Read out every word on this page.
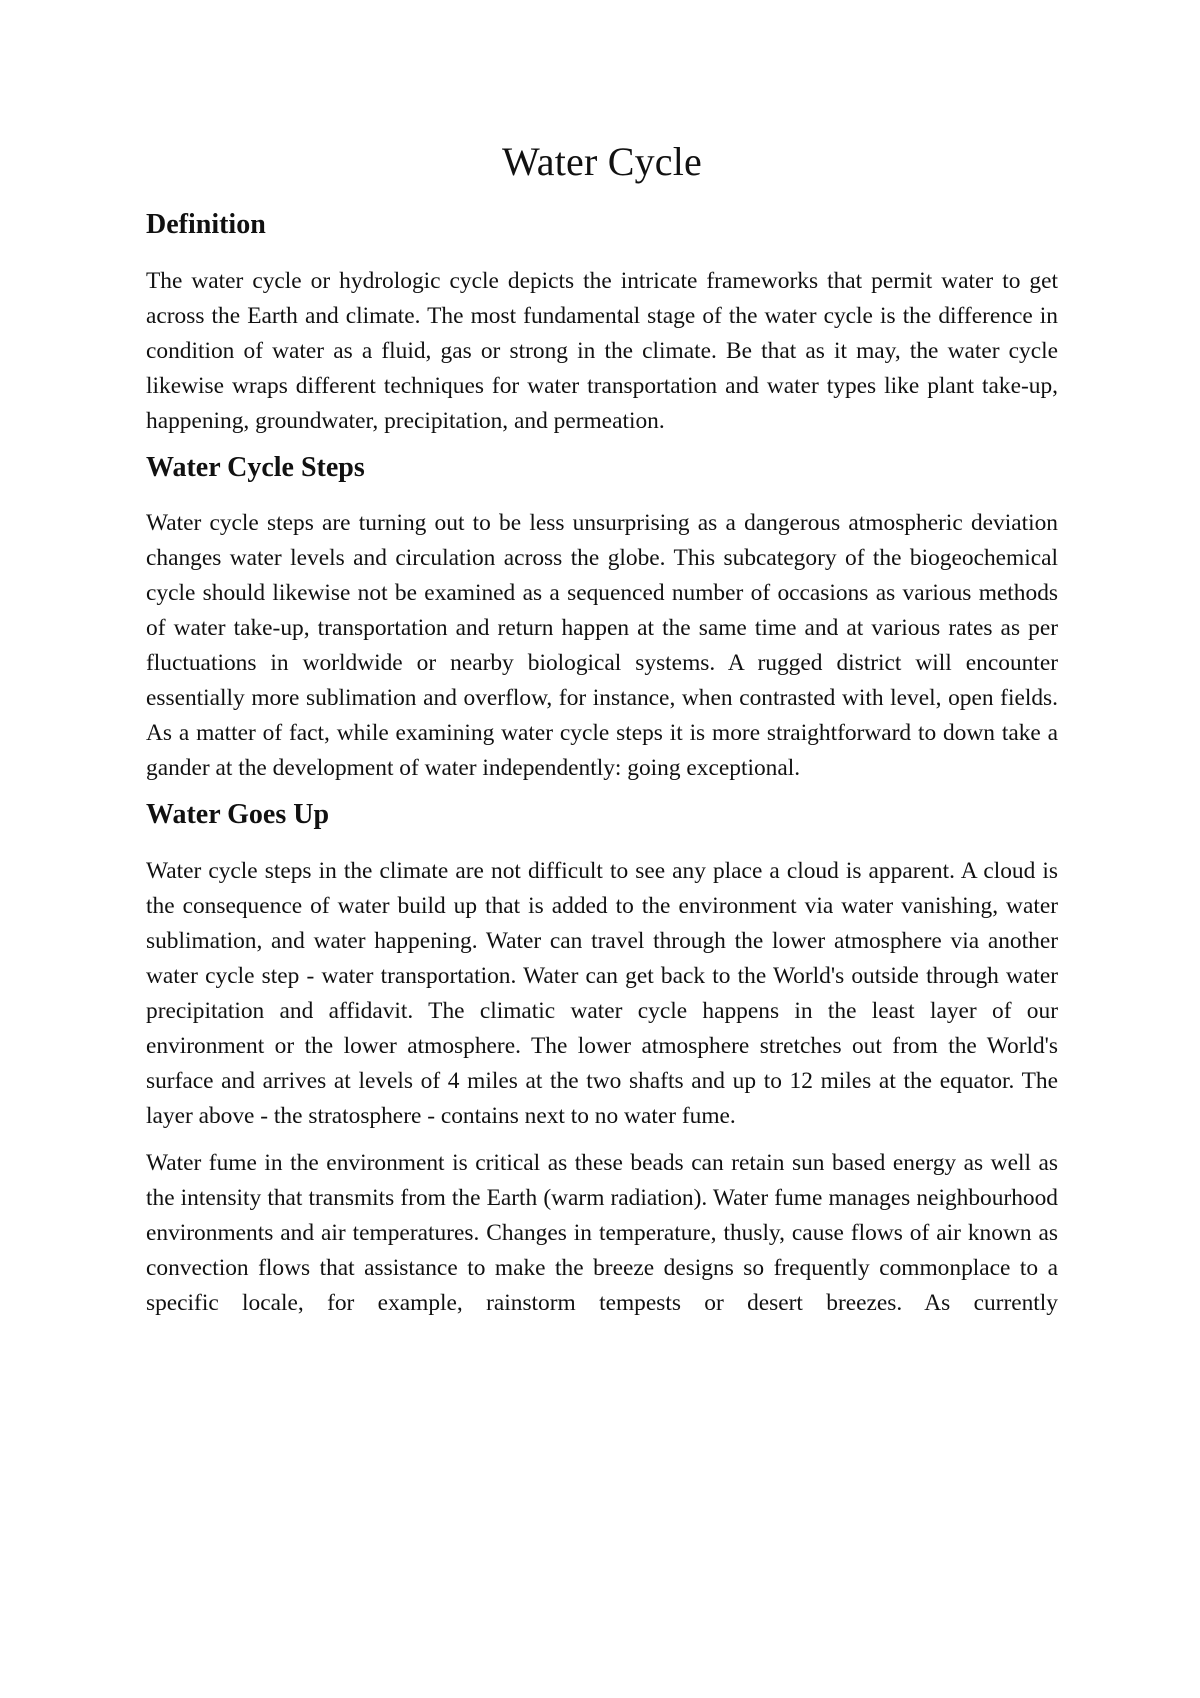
Water Cycle
Definition

The water cycle or hydrologic cycle depicts the intricate frameworks that permit water to get across the Earth and climate. The most fundamental stage of the water cycle is the difference in condition of water as a fluid, gas or strong in the climate. Be that as it may, the water cycle likewise wraps different techniques for water transportation and water types like plant take-up, happening, groundwater, precipitation, and permeation.

Water Cycle Steps

Water cycle steps are turning out to be less unsurprising as a dangerous atmospheric deviation changes water levels and circulation across the globe. This subcategory of the biogeochemical cycle should likewise not be examined as a sequenced number of occasions as various methods of water take-up, transportation and return happen at the same time and at various rates as per fluctuations in worldwide or nearby biological systems. A rugged district will encounter essentially more sublimation and overflow, for instance, when contrasted with level, open fields. As a matter of fact, while examining water cycle steps it is more straightforward to down take a gander at the development of water independently: going exceptional.

Water Goes Up

Water cycle steps in the climate are not difficult to see any place a cloud is apparent. A cloud is the consequence of water build up that is added to the environment via water vanishing, water sublimation, and water happening. Water can travel through the lower atmosphere via another water cycle step - water transportation. Water can get back to the World's outside through water precipitation and affidavit. The climatic water cycle happens in the least layer of our environment or the lower atmosphere. The lower atmosphere stretches out from the World's surface and arrives at levels of 4 miles at the two shafts and up to 12 miles at the equator. The layer above - the stratosphere - contains next to no water fume.

Water fume in the environment is critical as these beads can retain sun based energy as well as the intensity that transmits from the Earth (warm radiation). Water fume manages neighbourhood environments and air temperatures. Changes in temperature, thusly, cause flows of air known as convection flows that assistance to make the breeze designs so frequently commonplace to a specific locale, for example, rainstorm tempests or desert breezes. As currently
